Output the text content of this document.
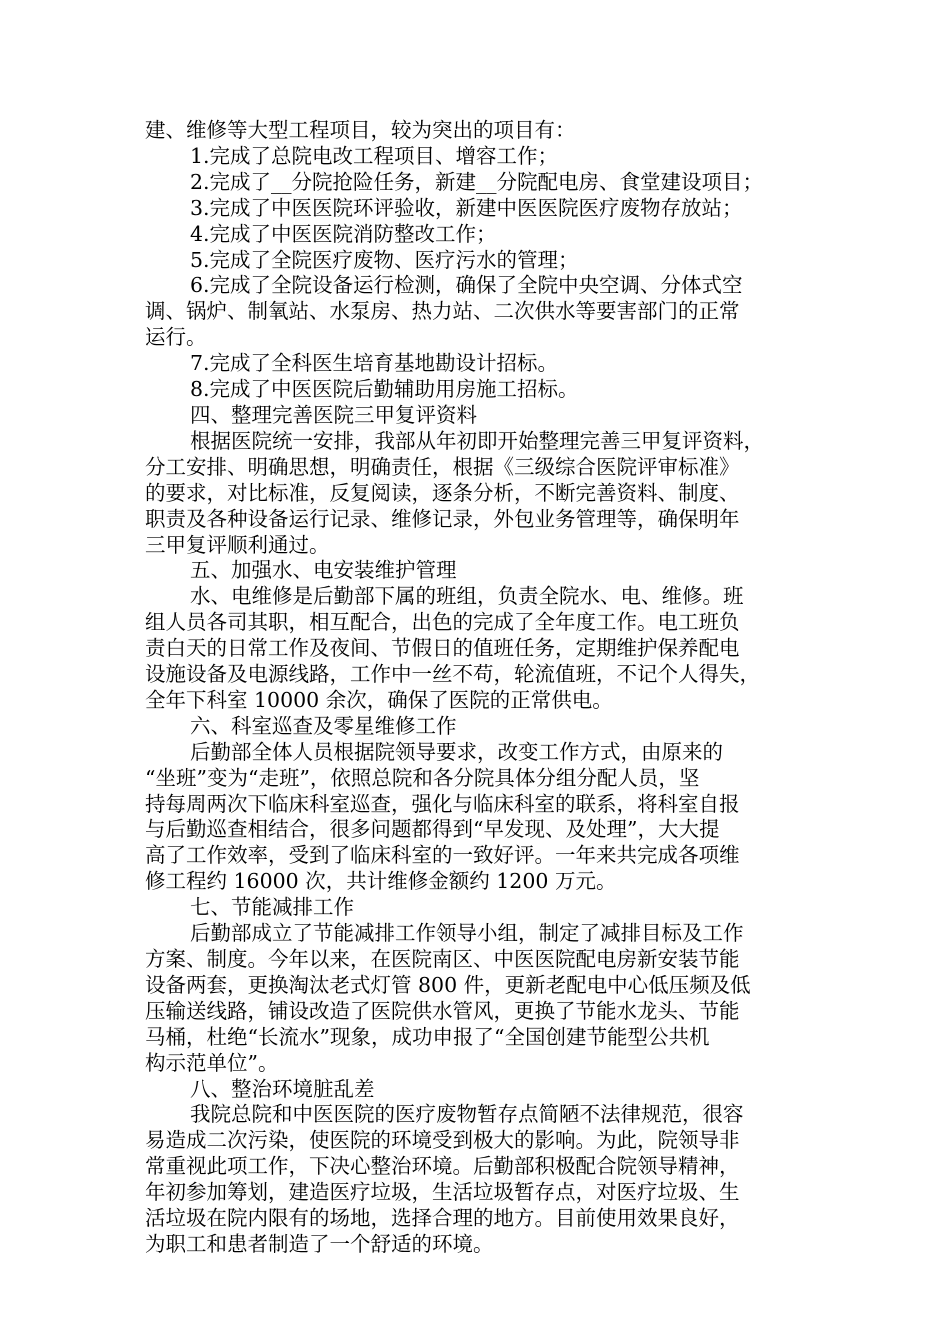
建、维修等大型工程项目，较为突出的项目有：

1.完成了总院电改工程项目、增容工作；

2.完成了__分院抢险任务，新建__分院配电房、食堂建设项目；

3.完成了中医医院环评验收，新建中医医院医疗废物存放站；

4.完成了中医医院消防整改工作；

5.完成了全院医疗废物、医疗污水的管理；

6.完成了全院设备运行检测，确保了全院中央空调、分体式空

调、锅炉、制氧站、水泵房、热力站、二次供水等要害部门的正常

运行。

7.完成了全科医生培育基地勘设计招标。

8.完成了中医医院后勤辅助用房施工招标。

四、整理完善医院三甲复评资料

根据医院统一安排，我部从年初即开始整理完善三甲复评资料，

分工安排、明确思想，明确责任，根据《三级综合医院评审标准》

的要求，对比标准，反复阅读，逐条分析，不断完善资料、制度、

职责及各种设备运行记录、维修记录，外包业务管理等，确保明年

三甲复评顺利通过。

五、加强水、电安装维护管理

水、电维修是后勤部下属的班组，负责全院水、电、维修。班

组人员各司其职，相互配合，出色的完成了全年度工作。电工班负

责白天的日常工作及夜间、节假日的值班任务，定期维护保养配电

设施设备及电源线路，工作中一丝不苟，轮流值班，不记个人得失，

全年下科室 10000 余次，确保了医院的正常供电。

六、科室巡查及零星维修工作

后勤部全体人员根据院领导要求，改变工作方式，由原来的

“坐班”变为“走班”，依照总院和各分院具体分组分配人员，坚

持每周两次下临床科室巡查，强化与临床科室的联系，将科室自报

与后勤巡查相结合，很多问题都得到“早发现、及处理”，大大提

高了工作效率，受到了临床科室的一致好评。一年来共完成各项维

修工程约 16000 次，共计维修金额约 1200 万元。

七、节能减排工作

后勤部成立了节能减排工作领导小组，制定了减排目标及工作

方案、制度。今年以来，在医院南区、中医医院配电房新安装节能

设备两套，更换淘汰老式灯管 800 件，更新老配电中心低压频及低

压输送线路，铺设改造了医院供水管风，更换了节能水龙头、节能

马桶，杜绝“长流水”现象，成功申报了“全国创建节能型公共机

构示范单位”。

八、整治环境脏乱差

我院总院和中医医院的医疗废物暂存点简陋不法律规范，很容

易造成二次污染，使医院的环境受到极大的影响。为此，院领导非

常重视此项工作，下决心整治环境。后勤部积极配合院领导精神，

年初参加筹划，建造医疗垃圾，生活垃圾暂存点，对医疗垃圾、生

活垃圾在院内限有的场地，选择合理的地方。目前使用效果良好，

为职工和患者制造了一个舒适的环境。
